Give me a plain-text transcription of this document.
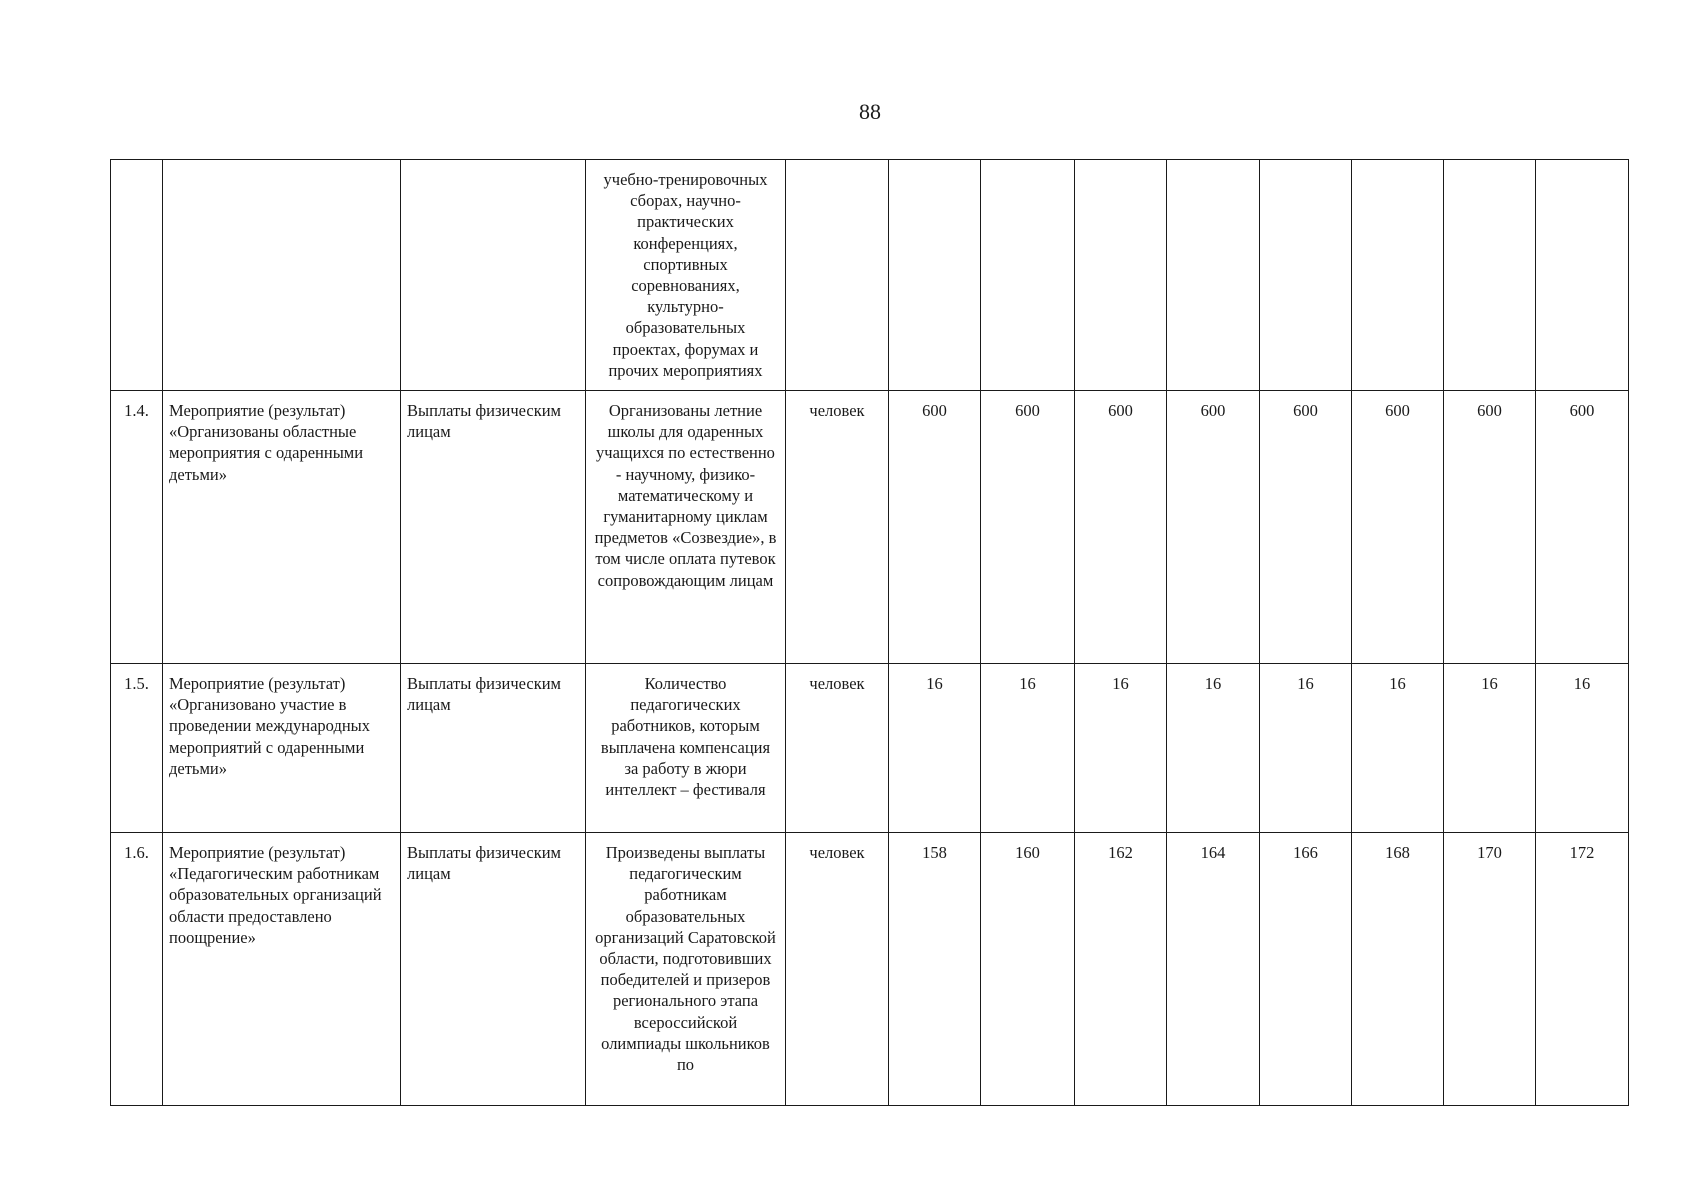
88
			учебно-тренировочных сборах, научно-практических конференциях, спортивных соревнованиях, культурно-образовательных проектах, форумах и прочих мероприятиях									
1.4.	Мероприятие (результат) «Организованы областные мероприятия с одаренными детьми»	Выплаты физическим лицам	Организованы летние школы для одаренных учащихся по естественно - научному, физико-математическому и гуманитарному циклам предметов «Созвездие», в том числе оплата путевок сопровождающим лицам	человек	600	600	600	600	600	600	600	600
1.5.	Мероприятие (результат) «Организовано участие в проведении международных мероприятий с одаренными детьми»	Выплаты физическим лицам	Количество педагогических работников, которым выплачена компенсация за работу в жюри интеллект – фестиваля	человек	16	16	16	16	16	16	16	16
1.6.	Мероприятие (результат) «Педагогическим работникам образовательных организаций области предоставлено поощрение»	Выплаты физическим лицам	Произведены выплаты педагогическим работникам образовательных организаций Саратовской области, подготовивших победителей и призеров регионального этапа всероссийской олимпиады школьников по	человек	158	160	162	164	166	168	170	172
